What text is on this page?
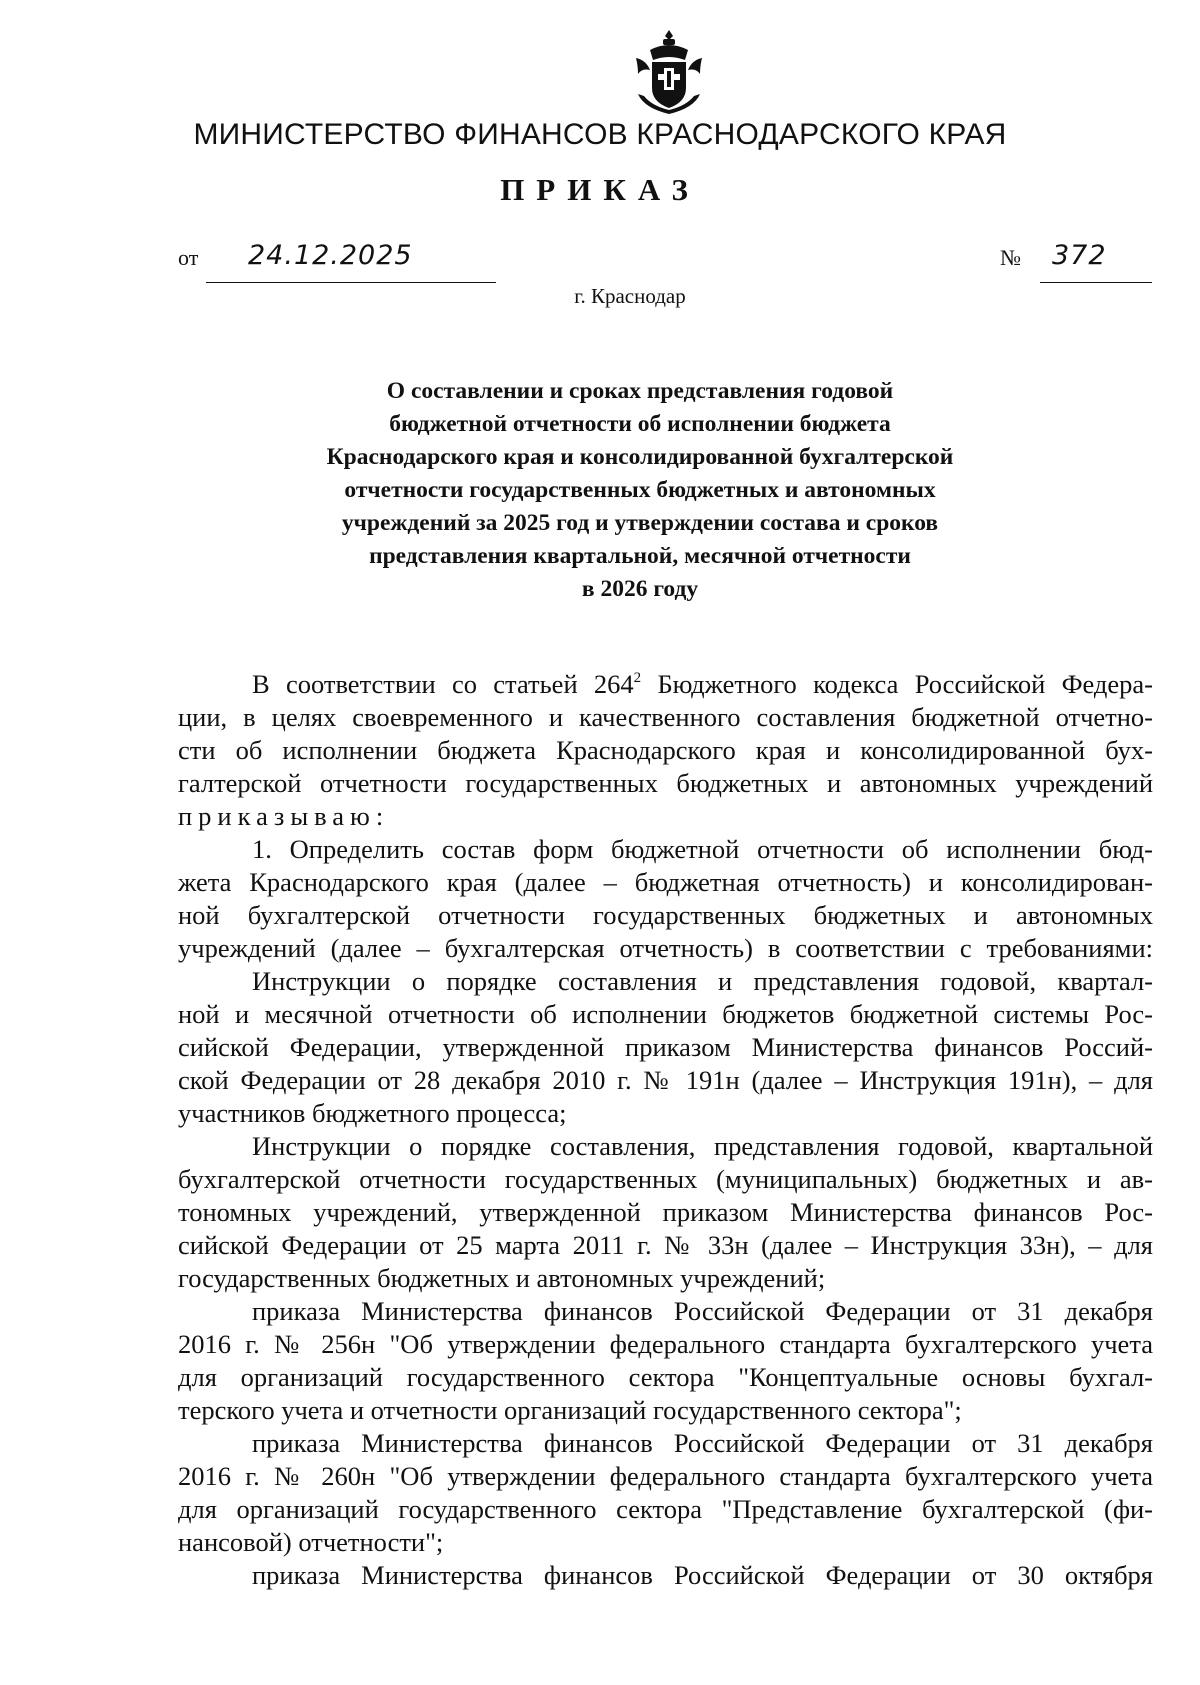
МИНИСТЕРСТВО ФИНАНСОВ КРАСНОДАРСКОГО КРАЯ
ПРИКАЗ
от 24.12.2025	№ 372
г. Краснодар
О составлении и сроках представления годовой
бюджетной отчетности об исполнении бюджета
Краснодарского края и консолидированной бухгалтерской
отчетности государственных бюджетных и автономных
учреждений за 2025 год и утверждении состава и сроков
представления квартальной, месячной отчетности
в 2026 году
В соответствии со статьей $264^2$ Бюджетного кодекса Российской Федера-
ции, в целях своевременного и качественного составления бюджетной отчетно-
сти об исполнении бюджета Краснодарского края и консолидированной бух-
галтерской отчетности государственных бюджетных и автономных учреждений
приказываю:
1. Определить состав форм бюджетной отчетности об исполнении бюд-
жета Краснодарского края (далее – бюджетная отчетность) и консолидирован-
ной бухгалтерской отчетности государственных бюджетных и автономных
учреждений (далее – бухгалтерская отчетность) в соответствии с требованиями:
Инструкции о порядке составления и представления годовой, квартал-
ной и месячной отчетности об исполнении бюджетов бюджетной системы Рос-
сийской Федерации, утвержденной приказом Министерства финансов Россий-
ской Федерации от 28 декабря 2010 г. № 191н (далее – Инструкция 191н), – для
участников бюджетного процесса;
Инструкции о порядке составления, представления годовой, квартальной
бухгалтерской отчетности государственных (муниципальных) бюджетных и ав-
тономных учреждений, утвержденной приказом Министерства финансов Рос-
сийской Федерации от 25 марта 2011 г. № 33н (далее – Инструкция 33н), – для
государственных бюджетных и автономных учреждений;
приказа Министерства финансов Российской Федерации от 31 декабря
2016 г. № 256н "Об утверждении федерального стандарта бухгалтерского учета
для организаций государственного сектора "Концептуальные основы бухгал-
терского учета и отчетности организаций государственного сектора";
приказа Министерства финансов Российской Федерации от 31 декабря
2016 г. № 260н "Об утверждении федерального стандарта бухгалтерского учета
для организаций государственного сектора "Представление бухгалтерской (фи-
нансовой) отчетности";
приказа Министерства финансов Российской Федерации от 30 октября
